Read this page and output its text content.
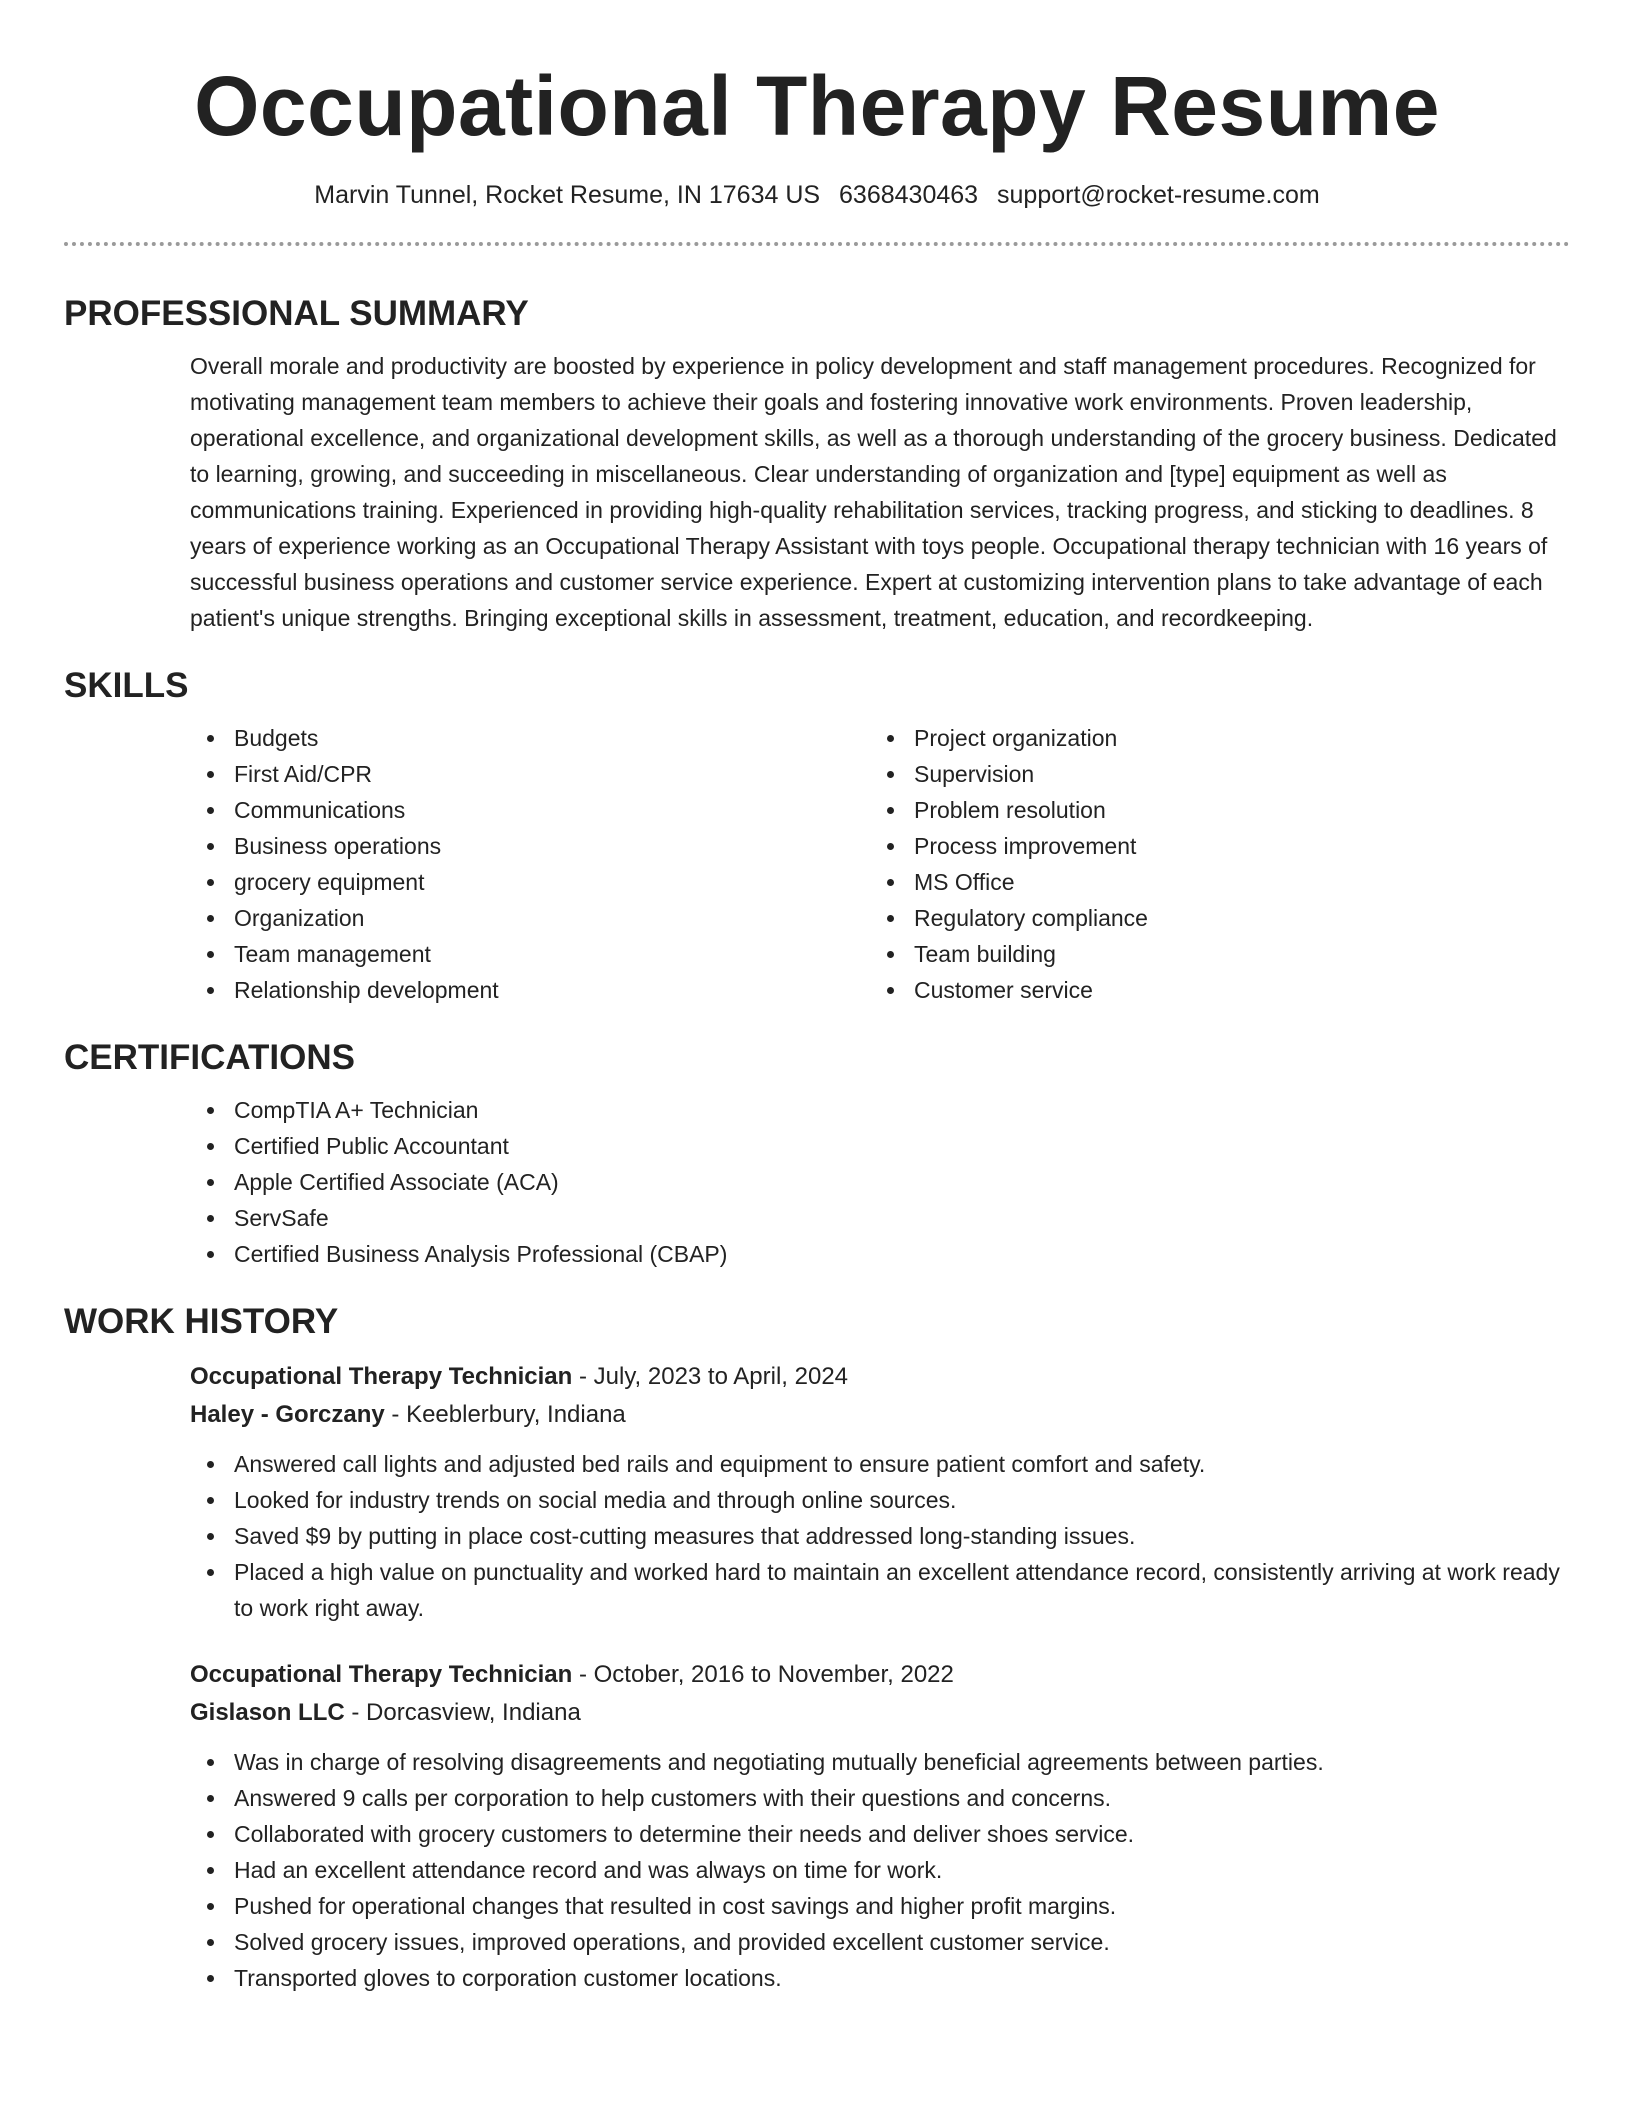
Occupational Therapy Resume
Marvin Tunnel, Rocket Resume, IN 17634 US 6368430463 support@rocket-resume.com
PROFESSIONAL SUMMARY

Overall morale and productivity are boosted by experience in policy development and staff management procedures. Recognized for motivating management team members to achieve their goals and fostering innovative work environments. Proven leadership, operational excellence, and organizational development skills, as well as a thorough understanding of the grocery business. Dedicated to learning, growing, and succeeding in miscellaneous. Clear understanding of organization and [type] equipment as well as communications training. Experienced in providing high-quality rehabilitation services, tracking progress, and sticking to deadlines. 8 years of experience working as an Occupational Therapy Assistant with toys people. Occupational therapy technician with 16 years of successful business operations and customer service experience. Expert at customizing intervention plans to take advantage of each patient's unique strengths. Bringing exceptional skills in assessment, treatment, education, and recordkeeping.

SKILLS
Budgets
First Aid/CPR
Communications
Business operations
grocery equipment
Organization
Team management
Relationship development
Project organization
Supervision
Problem resolution
Process improvement
MS Office
Regulatory compliance
Team building
Customer service
CERTIFICATIONS
CompTIA A+ Technician
Certified Public Accountant
Apple Certified Associate (ACA)
ServSafe
Certified Business Analysis Professional (CBAP)
WORK HISTORY
Occupational Therapy Technician - July, 2023 to April, 2024
Haley - Gorczany - Keeblerbury, Indiana
Answered call lights and adjusted bed rails and equipment to ensure patient comfort and safety.
Looked for industry trends on social media and through online sources.
Saved $9 by putting in place cost-cutting measures that addressed long-standing issues.
Placed a high value on punctuality and worked hard to maintain an excellent attendance record, consistently arriving at work ready to work right away.
Occupational Therapy Technician - October, 2016 to November, 2022
Gislason LLC - Dorcasview, Indiana
Was in charge of resolving disagreements and negotiating mutually beneficial agreements between parties.
Answered 9 calls per corporation to help customers with their questions and concerns.
Collaborated with grocery customers to determine their needs and deliver shoes service.
Had an excellent attendance record and was always on time for work.
Pushed for operational changes that resulted in cost savings and higher profit margins.
Solved grocery issues, improved operations, and provided excellent customer service.
Transported gloves to corporation customer locations.
